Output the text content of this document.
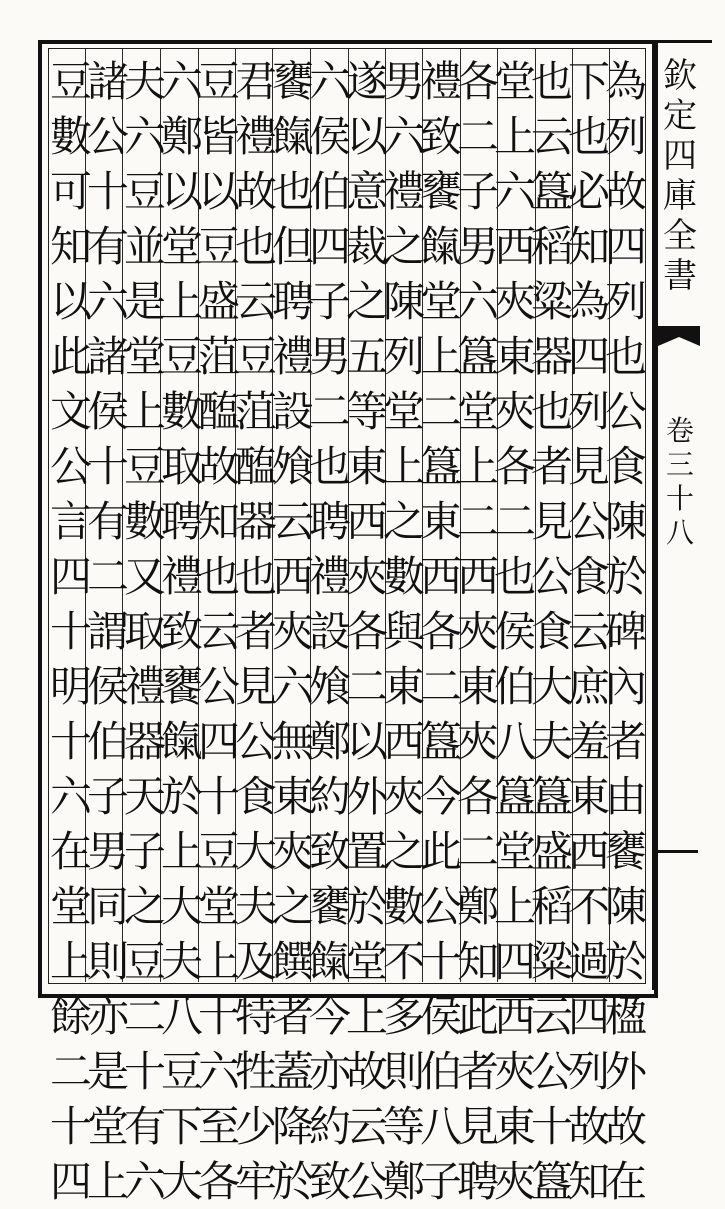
為
列
故
四
列
也
公
食
陳
於
碑
內
者
由
饔
陳
於
楹
外
故
在
下
也
必
知
為
四
列
見
公
食
云
庶
羞
東
西
不
過
四
列
故
知
也
云
簋
稻
粱
器
也
者
見
公
食
大
夫
簋
盛
稻
粱
云
公
十
簋
堂
上
六
西
夾
東
夾
各
二
也
侯
伯
八
簋
堂
上
四
西
夾
東
夾
各
二
子
男
六
簋
堂
上
二
西
夾
東
夾
各
二
鄭
知
此
者
見
聘
禮
致
饔
餼
堂
上
二
簋
東
西
各
二
簋
今
此
公
十
侯
伯
八
子
男
六
禮
之
陳
列
堂
上
之
數
與
東
西
夾
之
數
不
多
則
等
鄭
遂
以
意
裁
之
五
等
東
西
夾
各
二
以
外
置
於
堂
上
故
云
公
六
侯
伯
四
子
男
二
也
聘
禮
設
飧
鄭
約
致
饔
餼
今
亦
約
致
饔
餼
也
但
聘
禮
設
飧
云
西
夾
六
無
東
夾
之
饌
者
蓋
降
於
君
禮
故
也
云
豆
菹
醢
器
也
者
見
公
食
大
夫
及
特
牲
少
牢
豆
皆
以
豆
盛
菹
醢
故
知
也
云
公
四
十
豆
堂
上
十
六
至
各
六
鄭
以
堂
上
豆
數
取
聘
禮
致
饔
餼
於
上
大
夫
八
豆
下
大
夫
六
豆
並
是
堂
上
豆
數
又
取
禮
器
天
子
之
豆
二
十
有
六
諸
公
十
有
六
諸
侯
十
有
二
謂
侯
伯
子
男
同
則
亦
是
堂
上
豆
數
可
知
以
此
文
公
言
四
十
明
十
六
在
堂
上
餘
二
十
四
欽
定
四
庫
全
書
卷
三
十
八
